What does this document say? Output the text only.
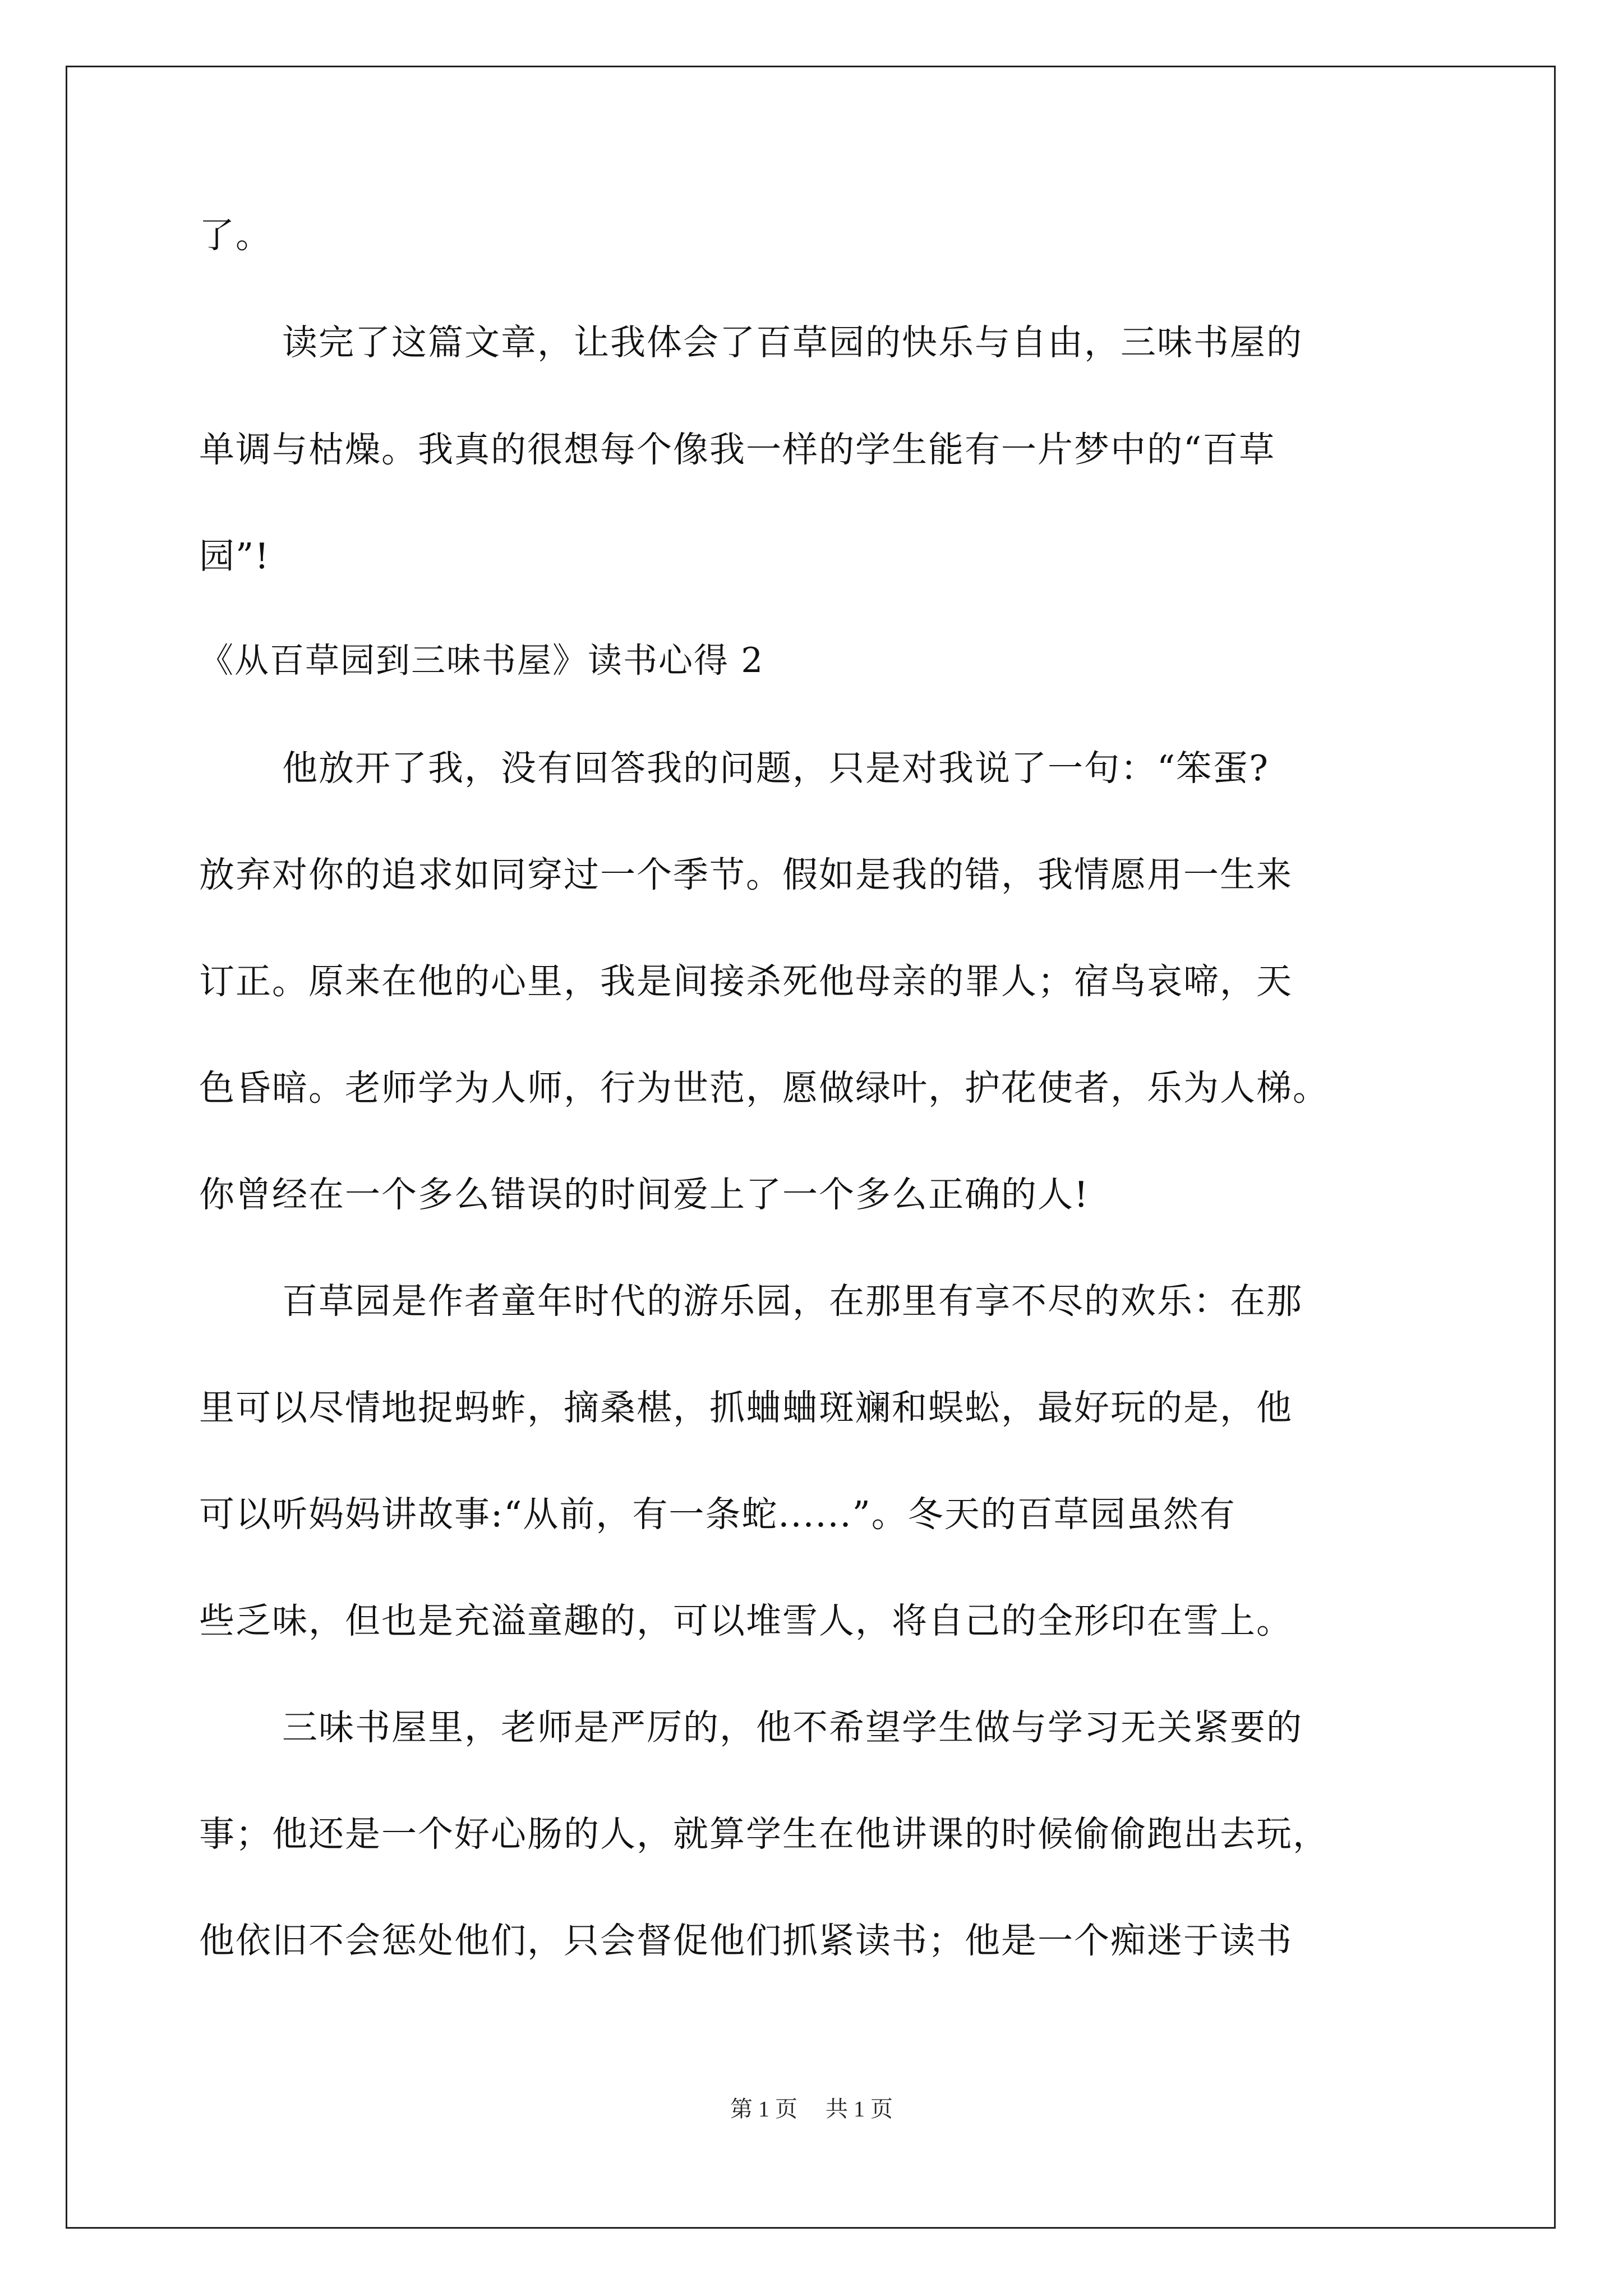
了。
读完了这篇文章，让我体会了百草园的快乐与自由，三味书屋的
单调与枯燥。我真的很想每个像我一样的学生能有一片梦中的“百草
园”!
《从百草园到三味书屋》读书心得 2
他放开了我，没有回答我的问题，只是对我说了一句：“笨蛋?
放弃对你的追求如同穿过一个季节。假如是我的错，我情愿用一生来
订正。原来在他的心里，我是间接杀死他母亲的罪人；宿鸟哀啼，天
色昏暗。老师学为人师，行为世范，愿做绿叶，护花使者，乐为人梯。
你曾经在一个多么错误的时间爱上了一个多么正确的人!
百草园是作者童年时代的游乐园，在那里有享不尽的欢乐：在那
里可以尽情地捉蚂蚱，摘桑椹，抓蛐蛐斑斓和蜈蚣，最好玩的是，他
可以听妈妈讲故事:“从前，有一条蛇......”。冬天的百草园虽然有
些乏味，但也是充溢童趣的，可以堆雪人，将自己的全形印在雪上。
三味书屋里，老师是严厉的，他不希望学生做与学习无关紧要的
事；他还是一个好心肠的人，就算学生在他讲课的时候偷偷跑出去玩，
他依旧不会惩处他们，只会督促他们抓紧读书；他是一个痴迷于读书
第 1 页 共 1 页
